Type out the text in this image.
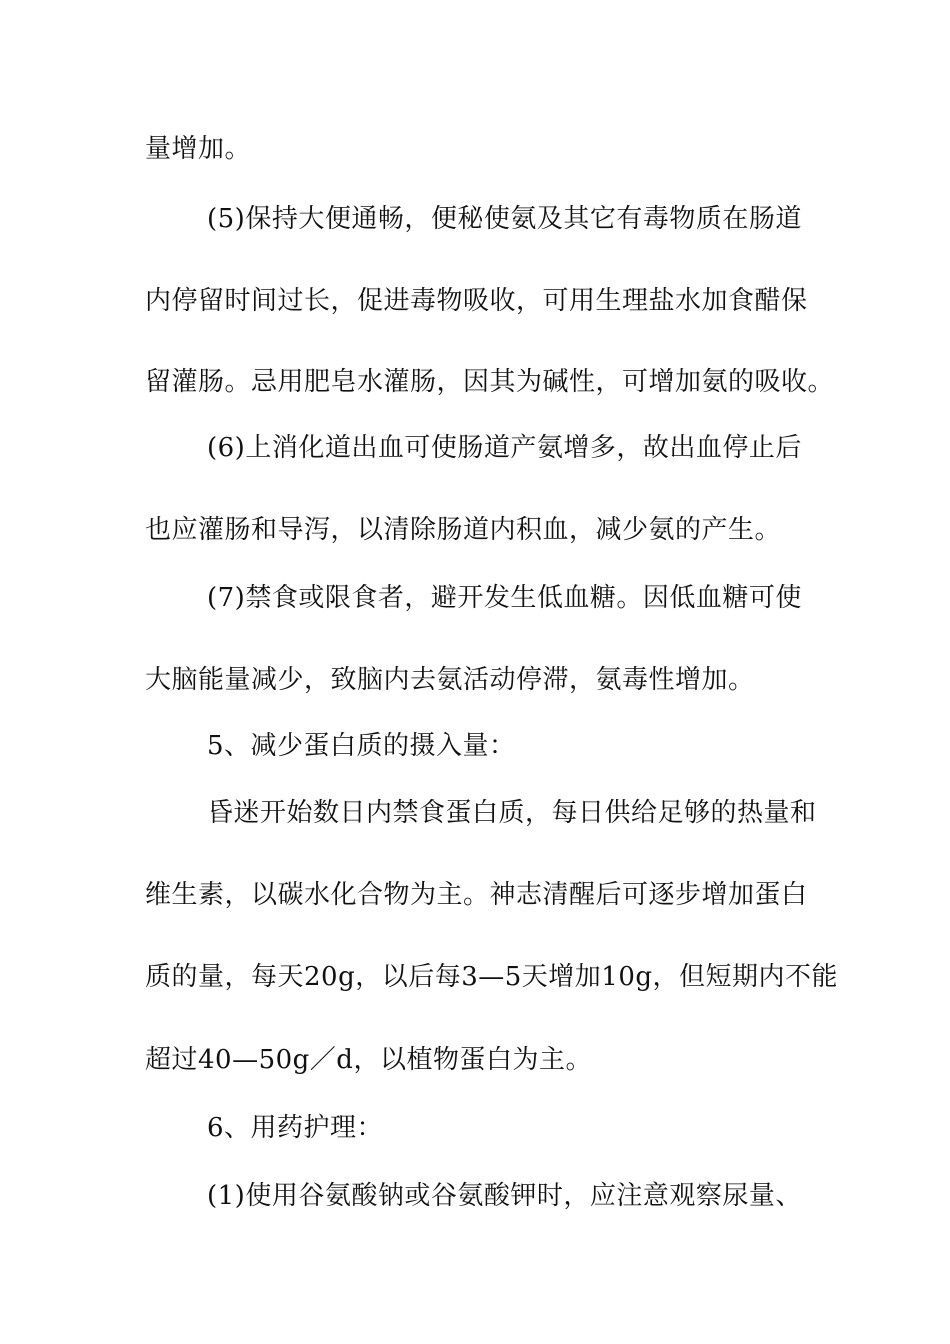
量增加。
(5)保持大便通畅，便秘使氨及其它有毒物质在肠道
内停留时间过长，促进毒物吸收，可用生理盐水加食醋保
留灌肠。忌用肥皂水灌肠，因其为碱性，可增加氨的吸收。
(6)上消化道出血可使肠道产氨增多，故出血停止后
也应灌肠和导泻，以清除肠道内积血，减少氨的产生。
(7)禁食或限食者，避开发生低血糖。因低血糖可使
大脑能量减少，致脑内去氨活动停滞，氨毒性增加。
5、减少蛋白质的摄入量：
昏迷开始数日内禁食蛋白质，每日供给足够的热量和
维生素，以碳水化合物为主。神志清醒后可逐步增加蛋白
质的量，每天20g，以后每3—5天增加10g，但短期内不能
超过40—50g／d，以植物蛋白为主。
6、用药护理：
(1)使用谷氨酸钠或谷氨酸钾时，应注意观察尿量、
